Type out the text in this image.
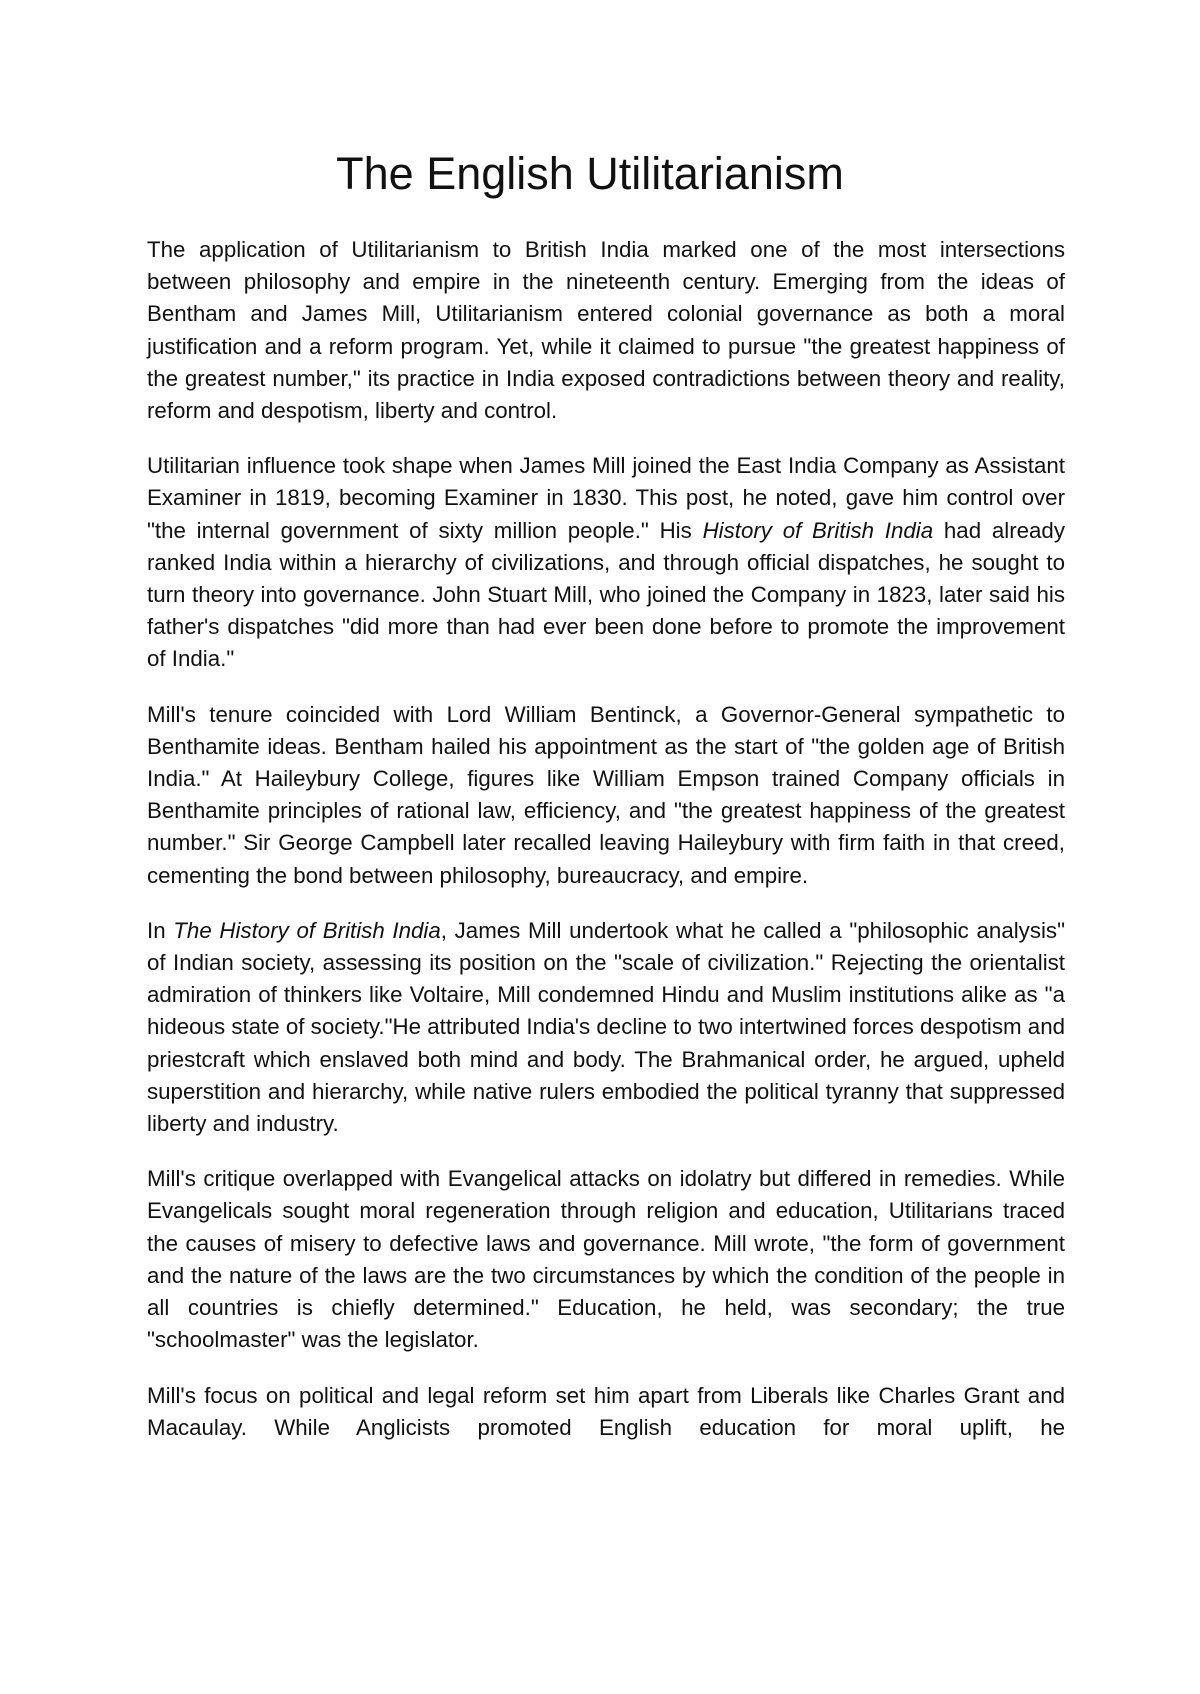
The English Utilitarianism

The application of Utilitarianism to British India marked one of the most intersections between philosophy and empire in the nineteenth century. Emerging from the ideas of Bentham and James Mill, Utilitarianism entered colonial governance as both a moral justification and a reform program. Yet, while it claimed to pursue "the greatest happiness of the greatest number," its practice in India exposed contradictions between theory and reality, reform and despotism, liberty and control.

Utilitarian influence took shape when James Mill joined the East India Company as Assistant Examiner in 1819, becoming Examiner in 1830. This post, he noted, gave him control over "the internal government of sixty million people." His History of British India had already ranked India within a hierarchy of civilizations, and through official dispatches, he sought to turn theory into governance. John Stuart Mill, who joined the Company in 1823, later said his father's dispatches "did more than had ever been done before to promote the improvement of India."

Mill's tenure coincided with Lord William Bentinck, a Governor-General sympathetic to Benthamite ideas. Bentham hailed his appointment as the start of "the golden age of British India." At Haileybury College, figures like William Empson trained Company officials in Benthamite principles of rational law, efficiency, and "the greatest happiness of the greatest number." Sir George Campbell later recalled leaving Haileybury with firm faith in that creed, cementing the bond between philosophy, bureaucracy, and empire.

In The History of British India, James Mill undertook what he called a "philosophic analysis" of Indian society, assessing its position on the "scale of civilization." Rejecting the orientalist admiration of thinkers like Voltaire, Mill condemned Hindu and Muslim institutions alike as "a hideous state of society."He attributed India's decline to two intertwined forces despotism and priestcraft which enslaved both mind and body. The Brahmanical order, he argued, upheld superstition and hierarchy, while native rulers embodied the political tyranny that suppressed liberty and industry.

Mill's critique overlapped with Evangelical attacks on idolatry but differed in remedies. While Evangelicals sought moral regeneration through religion and education, Utilitarians traced the causes of misery to defective laws and governance. Mill wrote, "the form of government and the nature of the laws are the two circumstances by which the condition of the people in all countries is chiefly determined." Education, he held, was secondary; the true "schoolmaster" was the legislator.

Mill's focus on political and legal reform set him apart from Liberals like Charles Grant and Macaulay. While Anglicists promoted English education for moral uplift, he
